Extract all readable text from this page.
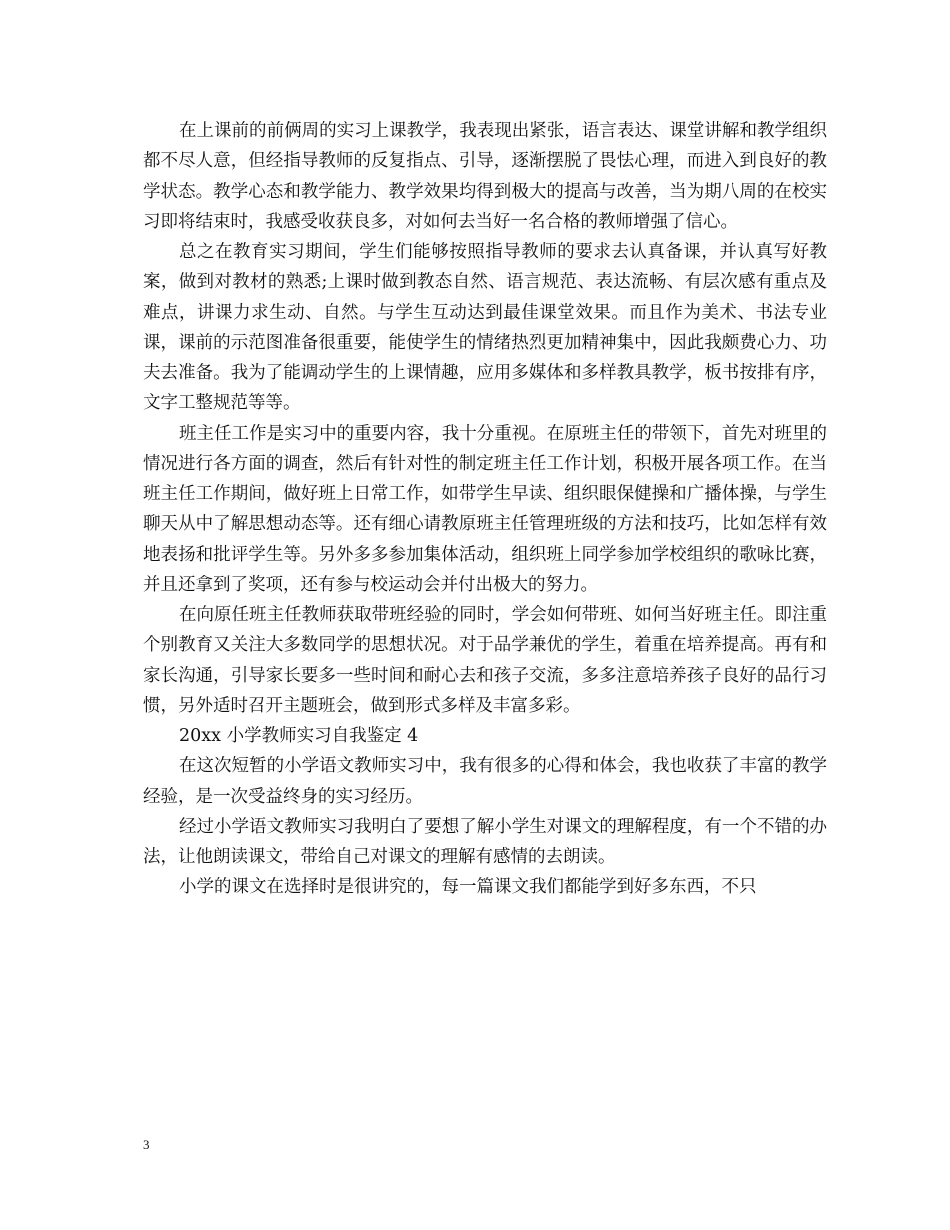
在上课前的前俩周的实习上课教学，我表现出紧张，语言表达、课堂讲解和教学组织都不尽人意，但经指导教师的反复指点、引导，逐渐摆脱了畏怯心理，而进入到良好的教学状态。教学心态和教学能力、教学效果均得到极大的提高与改善，当为期八周的在校实习即将结束时，我感受收获良多，对如何去当好一名合格的教师增强了信心。

总之在教育实习期间，学生们能够按照指导教师的要求去认真备课，并认真写好教案，做到对教材的熟悉;上课时做到教态自然、语言规范、表达流畅、有层次感有重点及难点，讲课力求生动、自然。与学生互动达到最佳课堂效果。而且作为美术、书法专业课，课前的示范图准备很重要，能使学生的情绪热烈更加精神集中，因此我颇费心力、功夫去准备。我为了能调动学生的上课情趣，应用多媒体和多样教具教学，板书按排有序，文字工整规范等等。

班主任工作是实习中的重要内容，我十分重视。在原班主任的带领下，首先对班里的情况进行各方面的调查，然后有针对性的制定班主任工作计划，积极开展各项工作。在当班主任工作期间，做好班上日常工作，如带学生早读、组织眼保健操和广播体操，与学生聊天从中了解思想动态等。还有细心请教原班主任管理班级的方法和技巧，比如怎样有效地表扬和批评学生等。另外多多参加集体活动，组织班上同学参加学校组织的歌咏比赛，并且还拿到了奖项，还有参与校运动会并付出极大的努力。

在向原任班主任教师获取带班经验的同时，学会如何带班、如何当好班主任。即注重个别教育又关注大多数同学的思想状况。对于品学兼优的学生，着重在培养提高。再有和家长沟通，引导家长要多一些时间和耐心去和孩子交流，多多注意培养孩子良好的品行习惯，另外适时召开主题班会，做到形式多样及丰富多彩。

20xx 小学教师实习自我鉴定 4

在这次短暂的小学语文教师实习中，我有很多的心得和体会，我也收获了丰富的教学经验，是一次受益终身的实习经历。

经过小学语文教师实习我明白了要想了解小学生对课文的理解程度，有一个不错的办法，让他朗读课文，带给自己对课文的理解有感情的去朗读。

小学的课文在选择时是很讲究的，每一篇课文我们都能学到好多东西，不只

3
